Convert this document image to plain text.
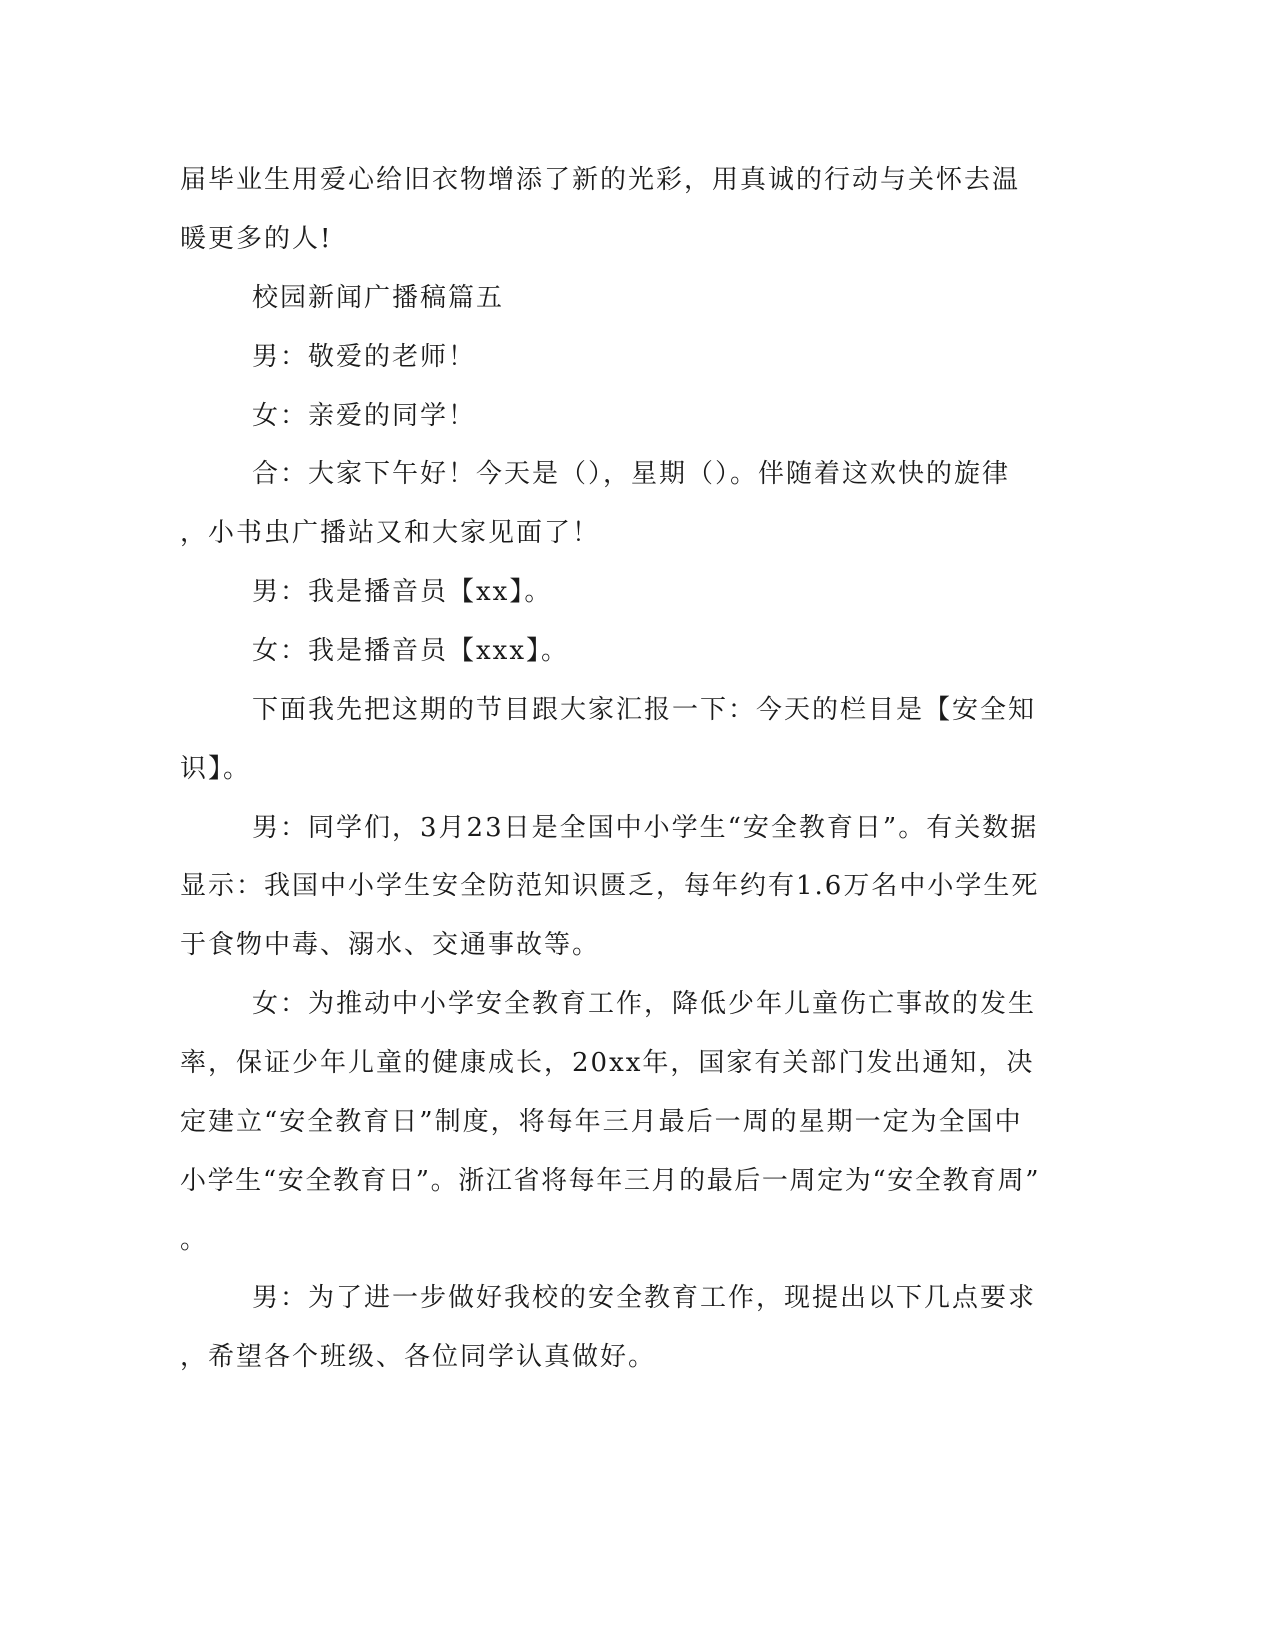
届毕业生用爱心给旧衣物增添了新的光彩，用真诚的行动与关怀去温
暖更多的人!
校园新闻广播稿篇五
男：敬爱的老师！
女：亲爱的同学！
合：大家下午好！今天是（），星期（）。伴随着这欢快的旋律
，小书虫广播站又和大家见面了！
男：我是播音员【xx】。
女：我是播音员【xxx】。
下面我先把这期的节目跟大家汇报一下：今天的栏目是【安全知
识】。
男：同学们，3月23日是全国中小学生“安全教育日”。有关数据
显示：我国中小学生安全防范知识匮乏，每年约有1.6万名中小学生死
于食物中毒、溺水、交通事故等。
女：为推动中小学安全教育工作，降低少年儿童伤亡事故的发生
率，保证少年儿童的健康成长，20xx年，国家有关部门发出通知，决
定建立“安全教育日”制度，将每年三月最后一周的星期一定为全国中
小学生“安全教育日”。浙江省将每年三月的最后一周定为“安全教育周”
。
男：为了进一步做好我校的安全教育工作，现提出以下几点要求
，希望各个班级、各位同学认真做好。
